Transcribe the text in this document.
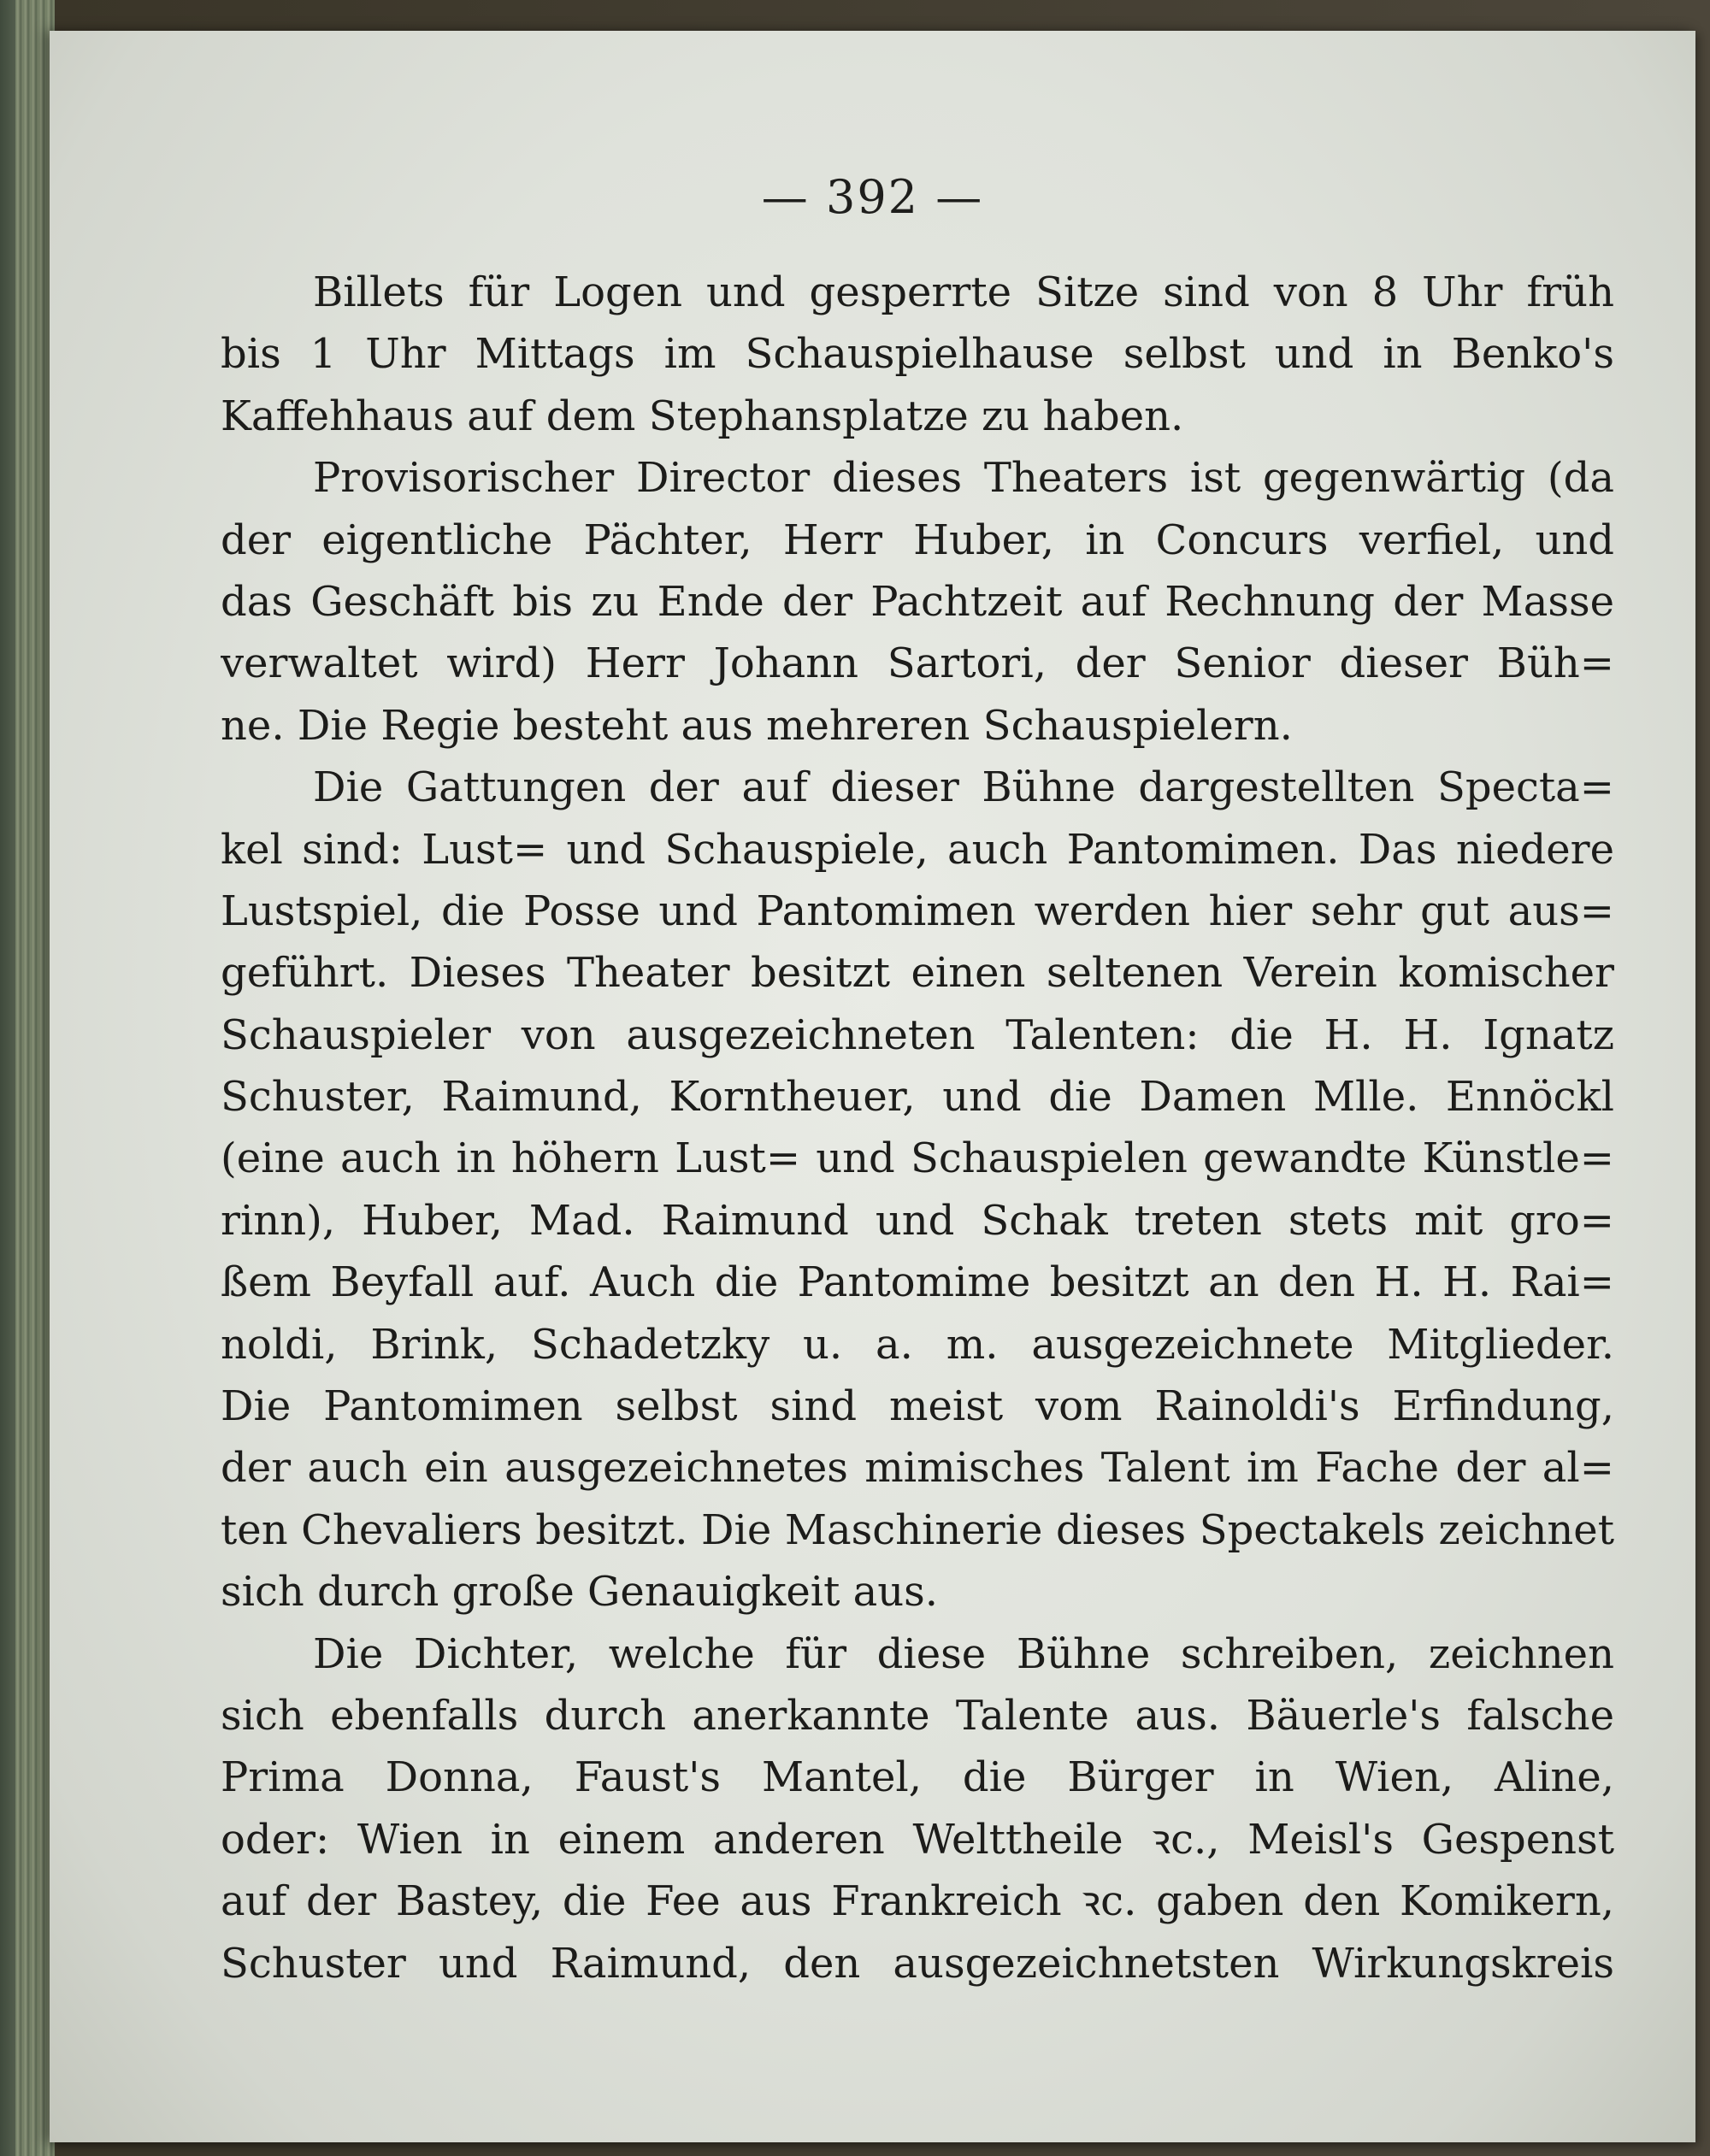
— 392 —
Billets für Logen und gesperrte Sitze sind von 8 Uhr früh
bis 1 Uhr Mittags im Schauspielhause selbst und in Benko's
Kaffehhaus auf dem Stephansplatze zu haben.
Provisorischer Director dieses Theaters ist gegenwärtig (da
der eigentliche Pächter, Herr Huber, in Concurs verfiel, und
das Geschäft bis zu Ende der Pachtzeit auf Rechnung der Masse
verwaltet wird) Herr Johann Sartori, der Senior dieser Büh=
ne. Die Regie besteht aus mehreren Schauspielern.
Die Gattungen der auf dieser Bühne dargestellten Specta=
kel sind: Lust= und Schauspiele, auch Pantomimen. Das niedere
Lustspiel, die Posse und Pantomimen werden hier sehr gut aus=
geführt. Dieses Theater besitzt einen seltenen Verein komischer
Schauspieler von ausgezeichneten Talenten: die H. H. Ignatz
Schuster, Raimund, Korntheuer, und die Damen Mlle. Ennöckl
(eine auch in höhern Lust= und Schauspielen gewandte Künstle=
rinn), Huber, Mad. Raimund und Schak treten stets mit gro=
ßem Beyfall auf. Auch die Pantomime besitzt an den H. H. Rai=
noldi, Brink, Schadetzky u. a. m. ausgezeichnete Mitglieder.
Die Pantomimen selbst sind meist vom Rainoldi's Erfindung,
der auch ein ausgezeichnetes mimisches Talent im Fache der al=
ten Chevaliers besitzt. Die Maschinerie dieses Spectakels zeichnet
sich durch große Genauigkeit aus.
Die Dichter, welche für diese Bühne schreiben, zeichnen
sich ebenfalls durch anerkannte Talente aus. Bäuerle's falsche
Prima Donna, Faust's Mantel, die Bürger in Wien, Aline,
oder: Wien in einem anderen Welttheile ꝛc., Meisl's Gespenst
auf der Bastey, die Fee aus Frankreich ꝛc. gaben den Komikern,
Schuster und Raimund, den ausgezeichnetsten Wirkungskreis
